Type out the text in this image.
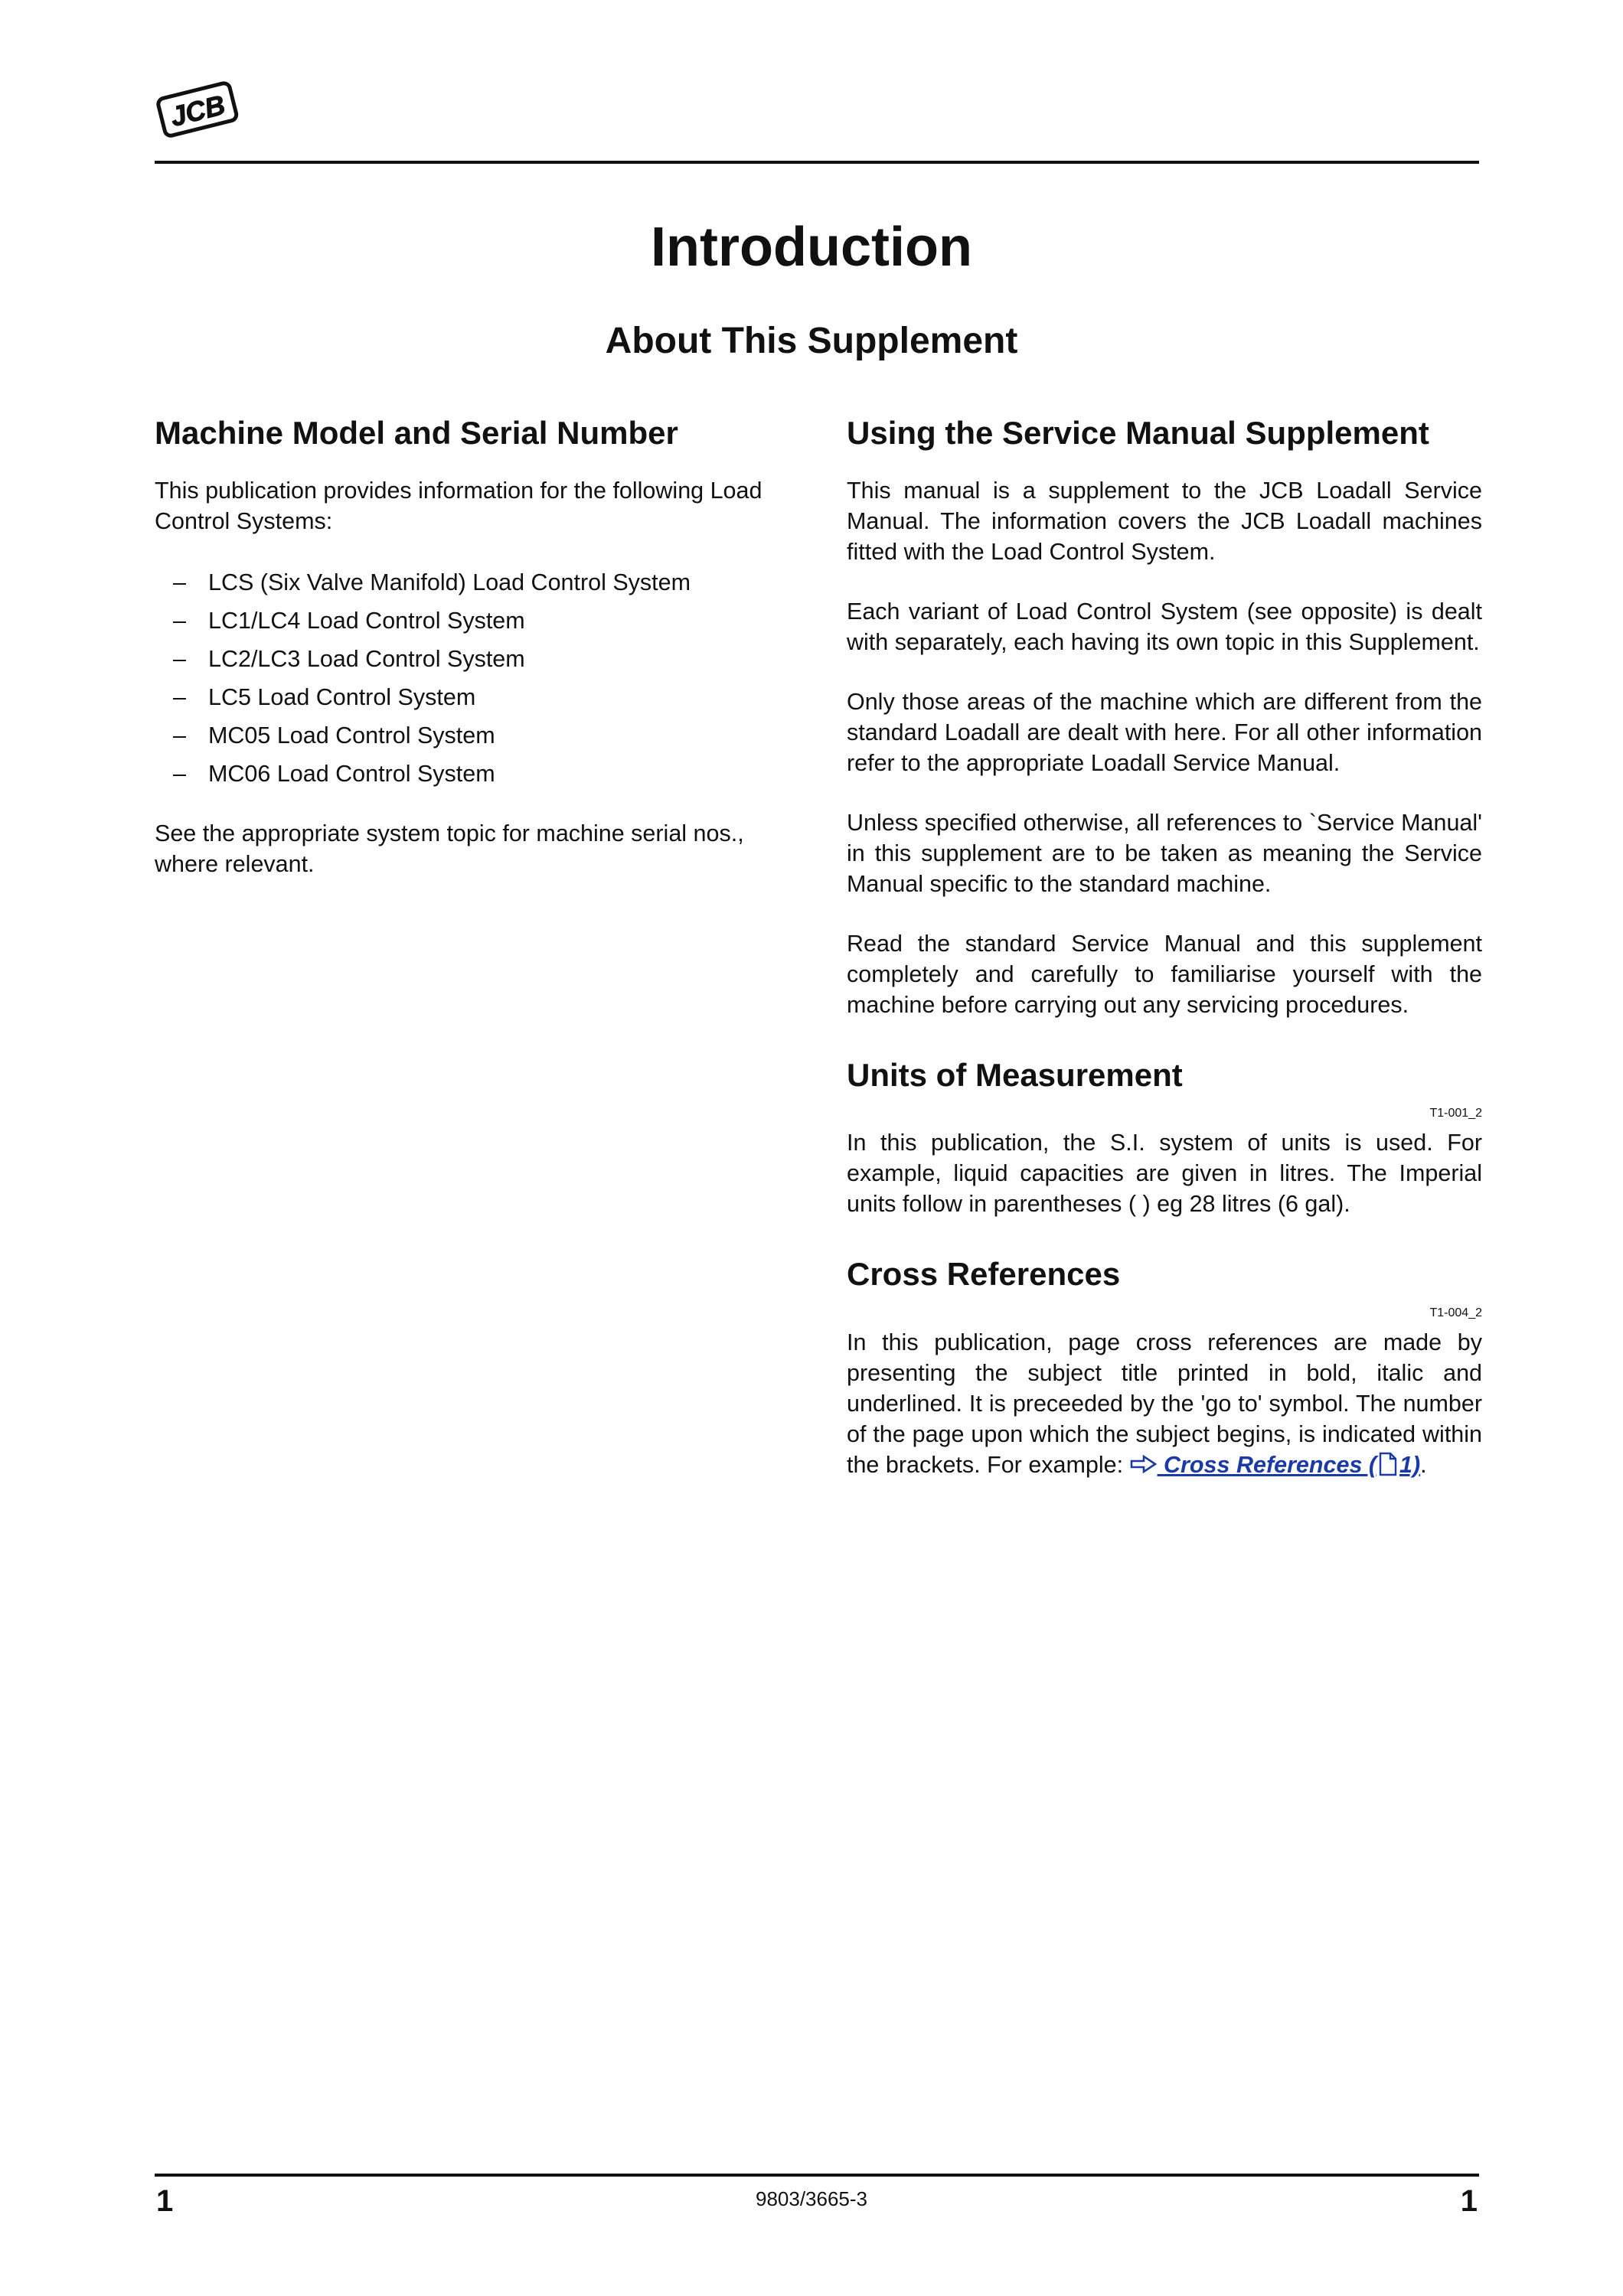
JCB
Introduction
About This Supplement
Machine Model and Serial Number

This publication provides information for the following Load Control Systems:

– LCS (Six Valve Manifold) Load Control System
– LC1/LC4 Load Control System
– LC2/LC3 Load Control System
– LC5 Load Control System
– MC05 Load Control System
– MC06 Load Control System

See the appropriate system topic for machine serial nos., where relevant.

Using the Service Manual Supplement

This manual is a supplement to the JCB Loadall Service Manual. The information covers the JCB Loadall machines fitted with the Load Control System.

Each variant of Load Control System (see opposite) is dealt with separately, each having its own topic in this Supplement.

Only those areas of the machine which are different from the standard Loadall are dealt with here. For all other information refer to the appropriate Loadall Service Manual.

Unless specified otherwise, all references to `Service Manual' in this supplement are to be taken as meaning the Service Manual specific to the standard machine.

Read the standard Service Manual and this supplement completely and carefully to familiarise yourself with the machine before carrying out any servicing procedures.

Units of Measurement
T1-001_2

In this publication, the S.I. system of units is used. For example, liquid capacities are given in litres. The Imperial units follow in parentheses ( ) eg 28 litres (6 gal).

Cross References
T1-004_2

In this publication, page cross references are made by presenting the subject title printed in bold, italic and underlined. It is preceeded by the 'go to' symbol. The number of the page upon which the subject begins, is indicated within the brackets. For example:  Cross References ( 1).

1	9803/3665-3	1
